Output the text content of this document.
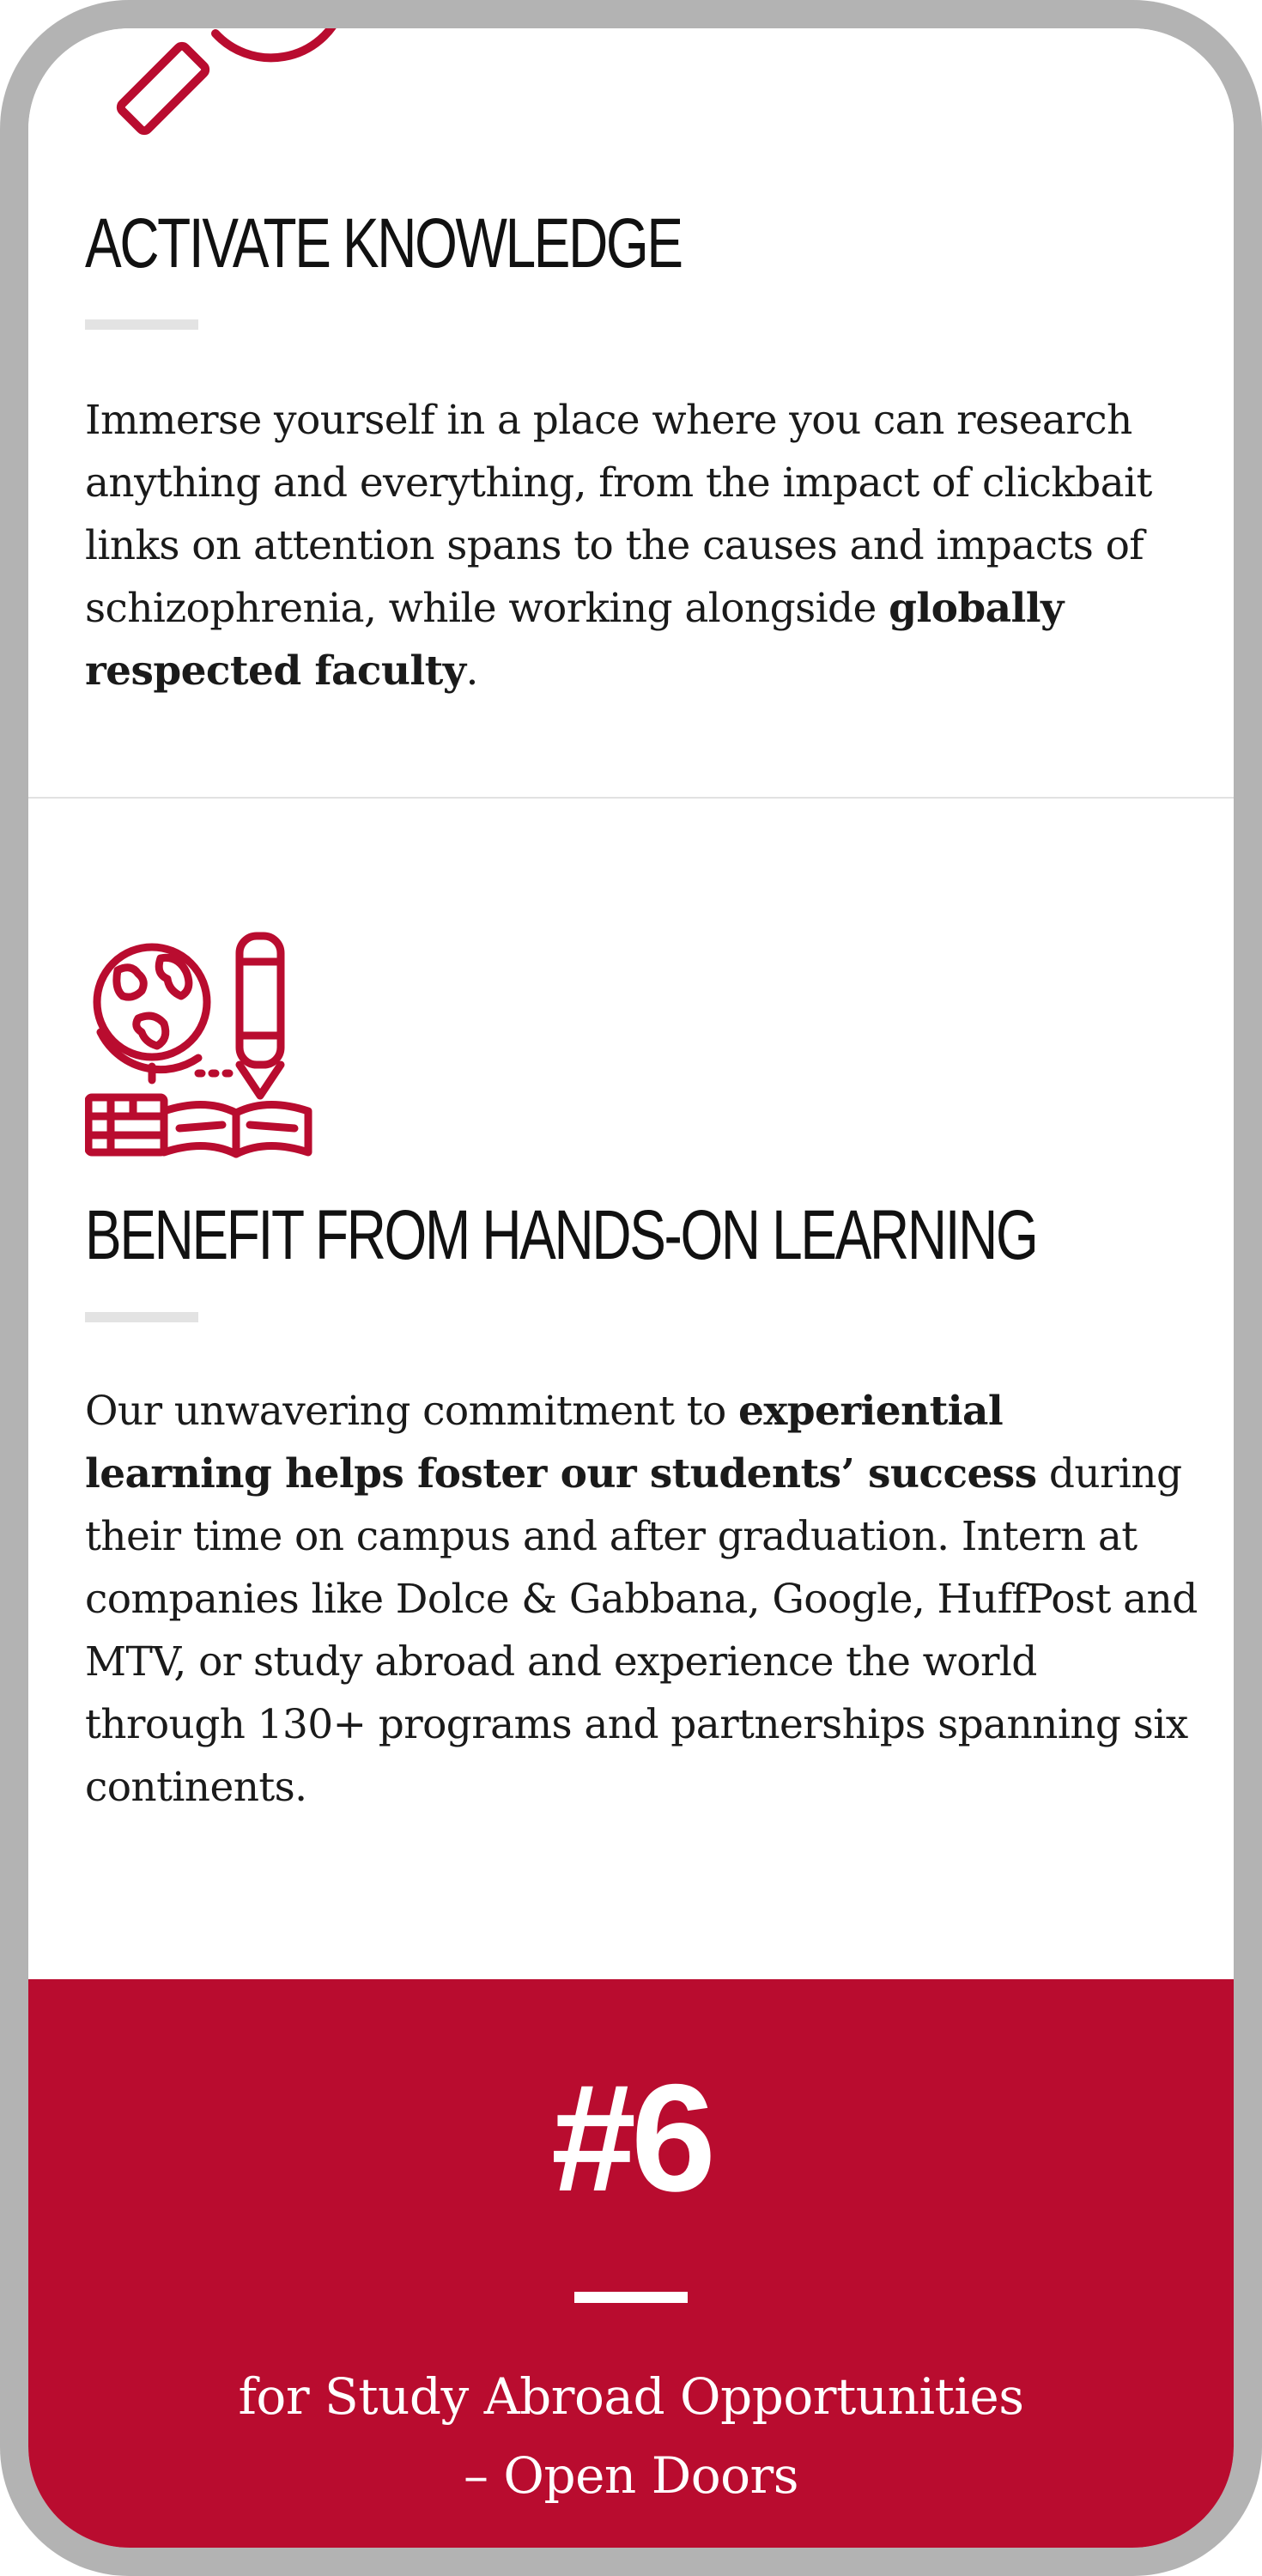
ACTIVATE KNOWLEDGE

Immerse yourself in a place where you can research anything and everything, from the impact of clickbait links on attention spans to the causes and impacts of schizophrenia, while working alongside globally respected faculty.

BENEFIT FROM HANDS-ON LEARNING

Our unwavering commitment to experiential learning helps foster our students’ success during their time on campus and after graduation. Intern at companies like Dolce & Gabbana, Google, HuffPost and MTV, or study abroad and experience the world through 130+ programs and partnerships spanning six continents.

#6
for Study Abroad Opportunities
– Open Doors
